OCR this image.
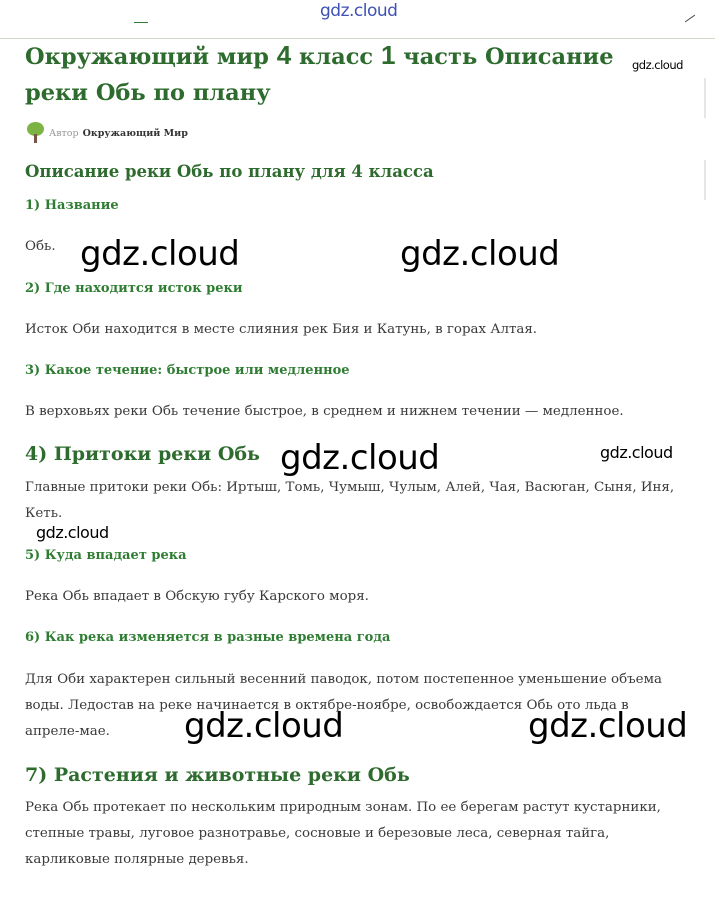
gdz.cloud
Окружающий мир 4 класс 1 часть Описание реки Обь по плану
Автор Окружающий Мир
Описание реки Обь по плану для 4 класса
1) Название

Обь.

2) Где находится исток реки

Исток Оби находится в месте слияния рек Бия и Катунь, в горах Алтая.

3) Какое течение: быстрое или медленное

В верховьях реки Обь течение быстрое, в среднем и нижнем течении — медленное.

4) Притоки реки Обь

Главные притоки реки Обь: Иртыш, Томь, Чумыш, Чулым, Алей, Чая, Васюган, Сыня, Иня, Кеть.

5) Куда впадает река

Река Обь впадает в Обскую губу Карского моря.

6) Как река изменяется в разные времена года

Для Оби характерен сильный весенний паводок, потом постепенное уменьшение объема воды. Ледостав на реке начинается в октябре-ноябре, освобождается Обь ото льда в апреле-мае.

7) Растения и животные реки Обь

Река Обь протекает по нескольким природным зонам. По ее берегам растут кустарники, степные травы, луговое разнотравье, сосновые и березовые леса, северная тайга, карликовые полярные деревья.

gdz.cloud
gdz.cloud	gdz.cloud
gdz.cloud	gdz.cloud
gdz.cloud
gdz.cloud	gdz.cloud
